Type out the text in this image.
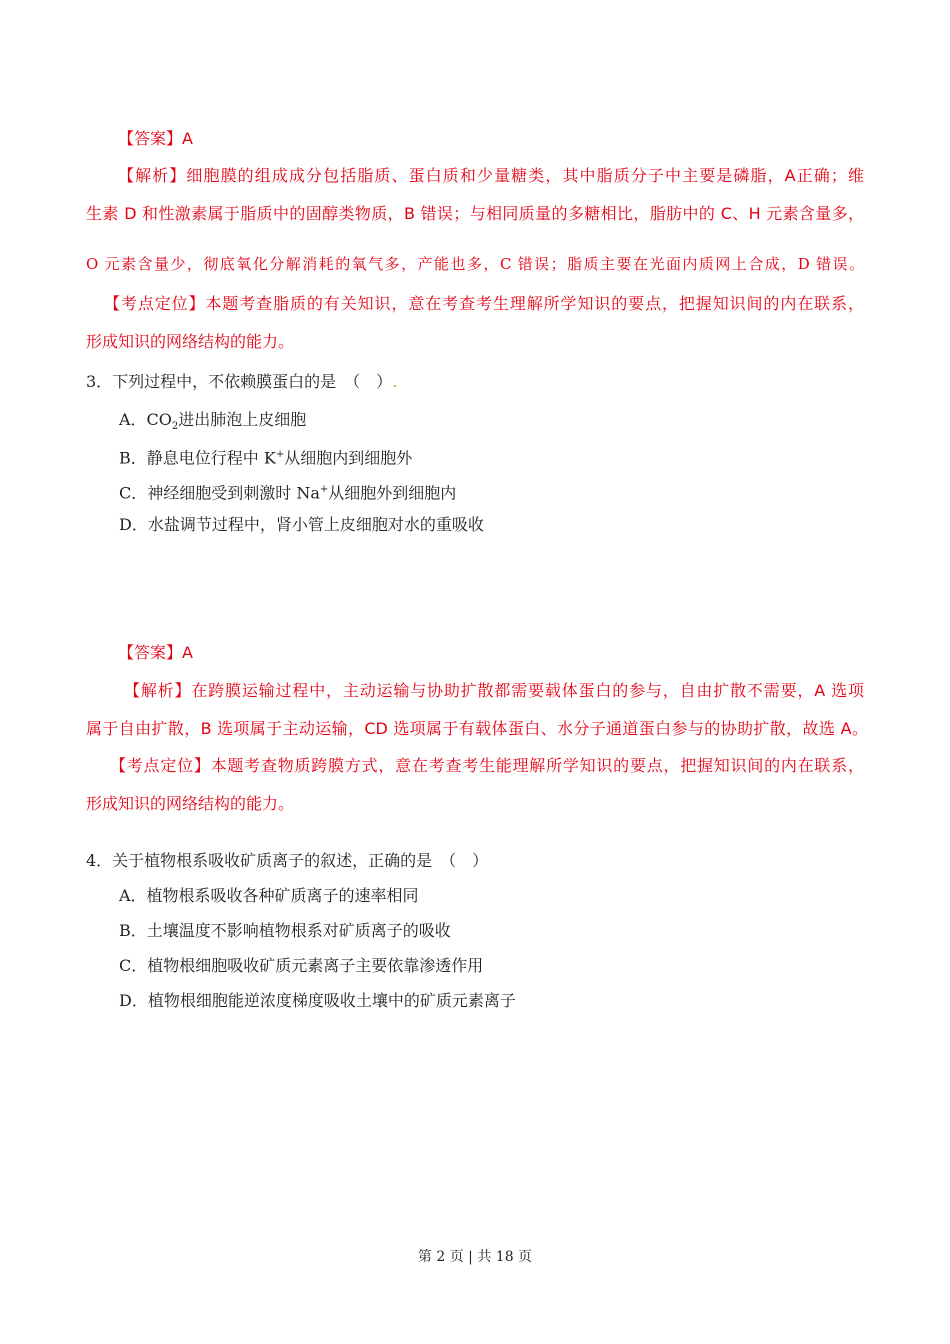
【答案】A
【解析】细胞膜的组成成分包括脂质、蛋白质和少量糖类，其中脂质分子中主要是磷脂，A正确；维
生素 D 和性激素属于脂质中的固醇类物质，B 错误；与相同质量的多糖相比，脂肪中的 C、H 元素含量多，
O 元素含量少，彻底氧化分解消耗的氧气多，产能也多，C 错误；脂质主要在光面内质网上合成，D 错误。
【考点定位】本题考查脂质的有关知识，意在考查考生理解所学知识的要点，把握知识间的内在联系，
形成知识的网络结构的能力。
3．下列过程中，不依赖膜蛋白的是　（　）.
A．$CO_2$进出肺泡上皮细胞
B．静息电位行程中 K+从细胞内到细胞外
C．神经细胞受到刺激时 Na+从细胞外到细胞内
D．水盐调节过程中，肾小管上皮细胞对水的重吸收
【答案】A
【解析】在跨膜运输过程中，主动运输与协助扩散都需要载体蛋白的参与，自由扩散不需要，A 选项
属于自由扩散，B 选项属于主动运输，CD 选项属于有载体蛋白、水分子通道蛋白参与的协助扩散，故选 A。
【考点定位】本题考查物质跨膜方式，意在考查考生能理解所学知识的要点，把握知识间的内在联系，
形成知识的网络结构的能力。
4．关于植物根系吸收矿质离子的叙述，正确的是　（　）
A．植物根系吸收各种矿质离子的速率相同
B．土壤温度不影响植物根系对矿质离子的吸收
C．植物根细胞吸收矿质元素离子主要依靠渗透作用
D．植物根细胞能逆浓度梯度吸收土壤中的矿质元素离子
第 2 页 | 共 18 页
